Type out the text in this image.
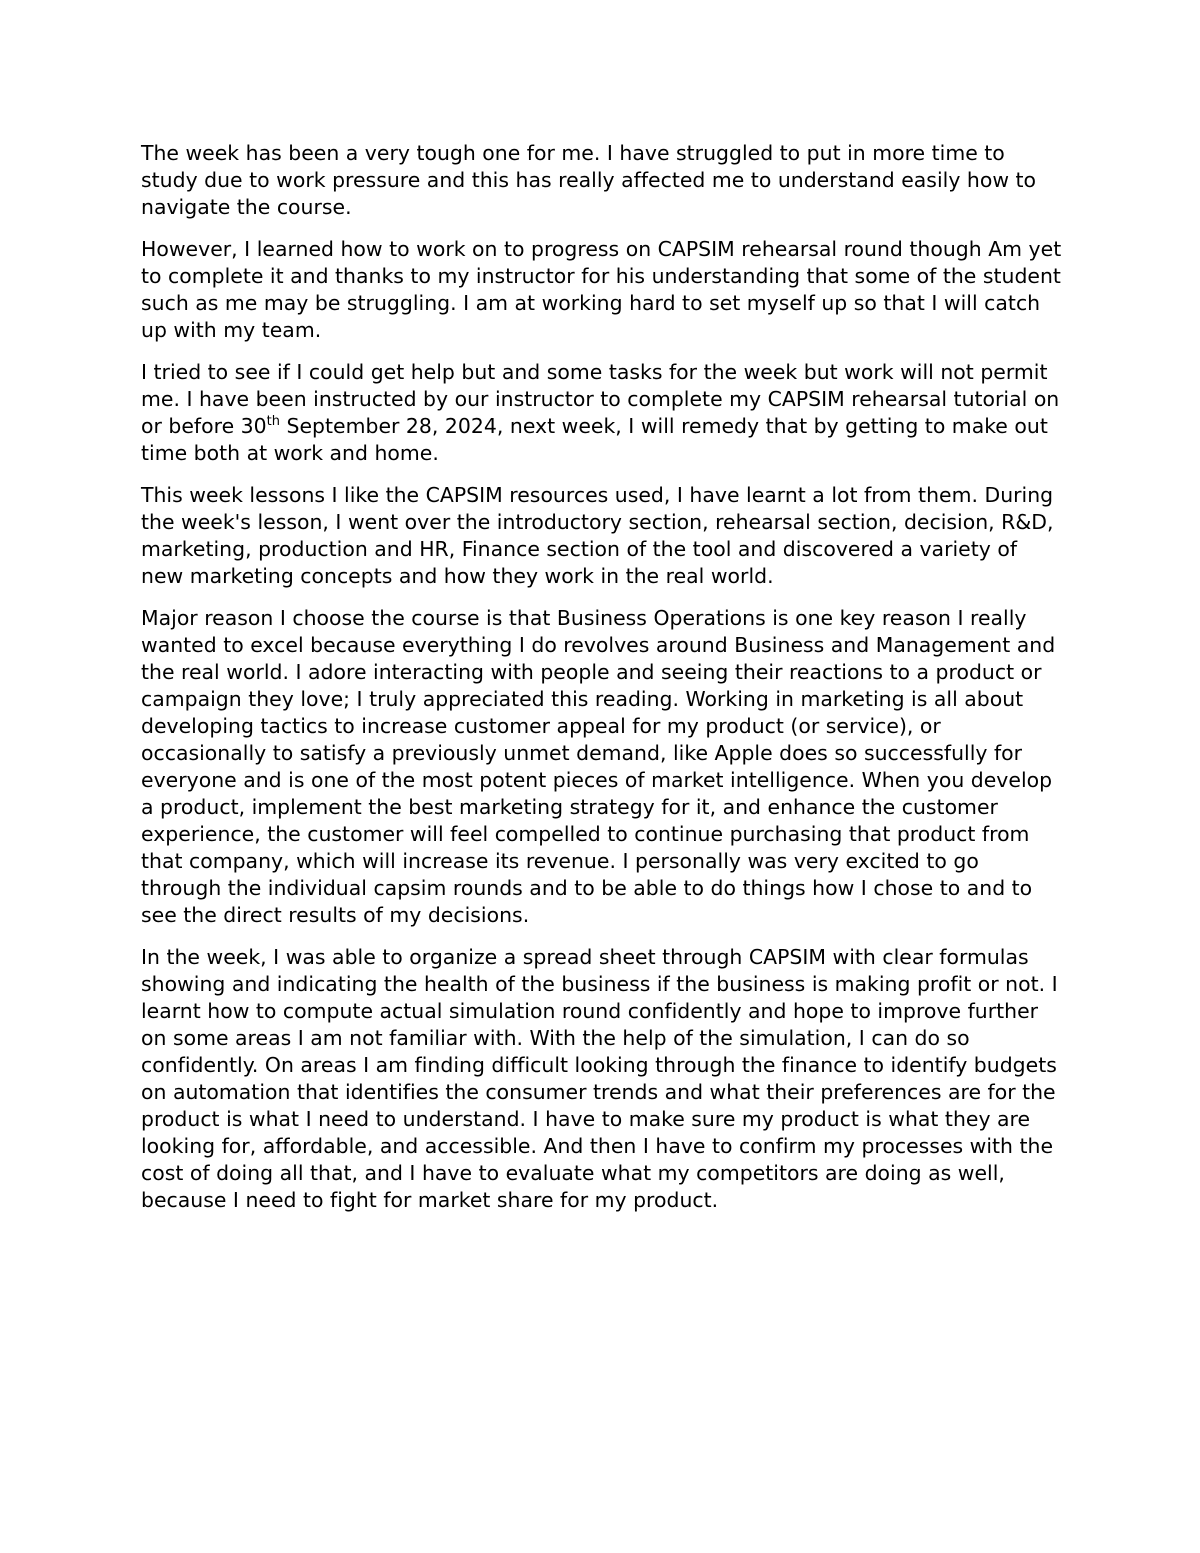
The week has been a very tough one for me. I have struggled to put in more time to study due to work pressure and this has really affected me to understand easily how to navigate the course.

However, I learned how to work on to progress on CAPSIM rehearsal round though Am yet to complete it and thanks to my instructor for his understanding that some of the student such as me may be struggling. I am at working hard to set myself up so that I will catch up with my team.

I tried to see if I could get help but and some tasks for the week but work will not permit me. I have been instructed by our instructor to complete my CAPSIM rehearsal tutorial on or before 30th September 28, 2024, next week, I will remedy that by getting to make out time both at work and home.

This week lessons I like the CAPSIM resources used, I have learnt a lot from them. During the week's lesson, I went over the introductory section, rehearsal section, decision, R&D, marketing, production and HR, Finance section of the tool and discovered a variety of new marketing concepts and how they work in the real world.

Major reason I choose the course is that Business Operations is one key reason I really wanted to excel because everything I do revolves around Business and Management and the real world. I adore interacting with people and seeing their reactions to a product or campaign they love; I truly appreciated this reading. Working in marketing is all about developing tactics to increase customer appeal for my product (or service), or occasionally to satisfy a previously unmet demand, like Apple does so successfully for everyone and is one of the most potent pieces of market intelligence. When you develop a product, implement the best marketing strategy for it, and enhance the customer experience, the customer will feel compelled to continue purchasing that product from that company, which will increase its revenue. I personally was very excited to go through the individual capsim rounds and to be able to do things how I chose to and to see the direct results of my decisions.

In the week, I was able to organize a spread sheet through CAPSIM with clear formulas showing and indicating the health of the business if the business is making profit or not. I learnt how to compute actual simulation round confidently and hope to improve further on some areas I am not familiar with. With the help of the simulation, I can do so confidently. On areas I am finding difficult looking through the finance to identify budgets on automation that identifies the consumer trends and what their preferences are for the product is what I need to understand. I have to make sure my product is what they are looking for, affordable, and accessible. And then I have to confirm my processes with the cost of doing all that, and I have to evaluate what my competitors are doing as well, because I need to fight for market share for my product.
